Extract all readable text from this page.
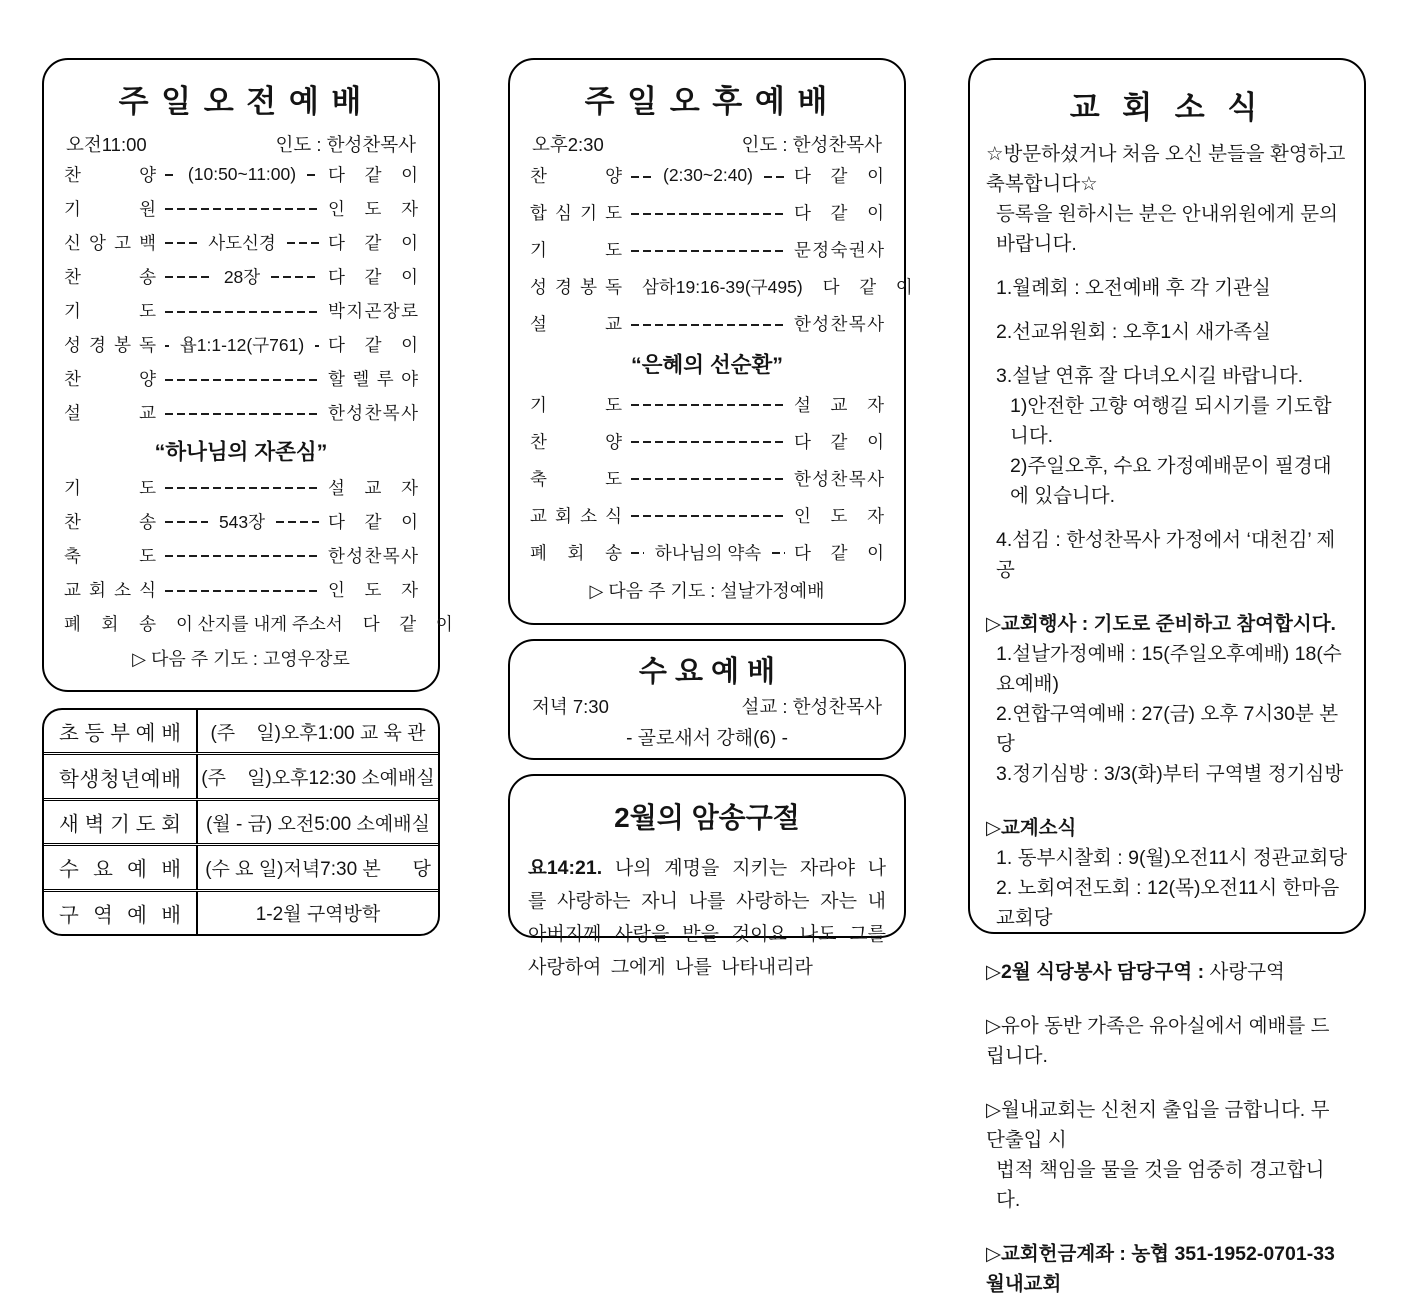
주 일 오 전 예 배
오전11:00	인도 : 한성찬목사
찬	양 (10:50~11:00) 다 같 이
기	원	인 도 자
신 앙 고 백	사도신경	다 같 이
찬	송	28장	다 같 이
기	도	박 지 곤 장 로
성 경 봉 독 욥1:1-12(구761) 다 같 이
찬	양	할 렐 루 야
설	교	한 성 찬 목 사
“하나님의 자존심”
기	도	설 교 자
찬	송	543장	다 같 이
축	도	한 성 찬 목 사
교 회 소 식	인 도 자
폐 회 송 이 산지를 내게 주소서 다 같 이
▷ 다음 주 기도 : 고영우장로
초 등 부 예 배	(주    일)오후1:00 교 육 관
학 생 청 년 예 배 (주    일)오후12:30 소예배실
새 벽 기 도 회	(월 - 금) 오전5:00 소예배실
수 요 예 배	(수 요 일)저녁7:30 본      당
구 역 예 배	1-2월 구역방학
주 일 오 후 예 배
오후2:30	인도 : 한성찬목사
찬	양 (2:30~2:40) 다 같 이
합 심 기 도	다 같 이
기	도	문 정 숙 권 사
성 경 봉 독 삼하19:16-39(구495) 다 같 이
설	교	한 성 찬 목 사
“은혜의 선순환”
기	도	설 교 자
찬	양	다 같 이
축	도	한 성 찬 목 사
교 회 소 식	인 도 자
폐 회 송 하나님의 약속 다 같 이
▷ 다음 주 기도 : 설날가정예배
수 요 예 배
저녁 7:30	설교 : 한성찬목사
- 골로새서 강해(6) -
2월의 암송구절
요14:21. 나의 계명을 지키는 자라야 나를 사랑하는 자니 나를 사랑하는 자는 내 아버지께 사랑을 받을 것이요 나도 그를 사랑하여 그에게 나를 나타내리라
교 회 소 식
☆방문하셨거나 처음 오신 분들을 환영하고 축복합니다☆
등록을 원하시는 분은 안내위원에게 문의 바랍니다.
1.월례회 : 오전예배 후 각 기관실
2.선교위원회 : 오후1시 새가족실
3.설날 연휴 잘 다녀오시길 바랍니다.
1)안전한 고향 여행길 되시기를 기도합니다.
2)주일오후, 수요 가정예배문이 필경대에 있습니다.
4.섬김 : 한성찬목사 가정에서 ‘대천김’ 제공
▷교회행사 : 기도로 준비하고 참여합시다.
1.설날가정예배 : 15(주일오후예배) 18(수요예배)
2.연합구역예배 : 27(금) 오후 7시30분 본당
3.정기심방 : 3/3(화)부터 구역별 정기심방
▷교계소식
1. 동부시찰회 : 9(월)오전11시 정관교회당
2. 노회여전도회 : 12(목)오전11시 한마음교회당
▷2월 식당봉사 담당구역 : 사랑구역
▷유아 동반 가족은 유아실에서 예배를 드립니다.
▷월내교회는 신천지 출입을 금합니다. 무단출입 시
법적 책임을 물을 것을 엄중히 경고합니다.
▷교회헌금계좌 : 농협 351-1952-0701-33 월내교회
